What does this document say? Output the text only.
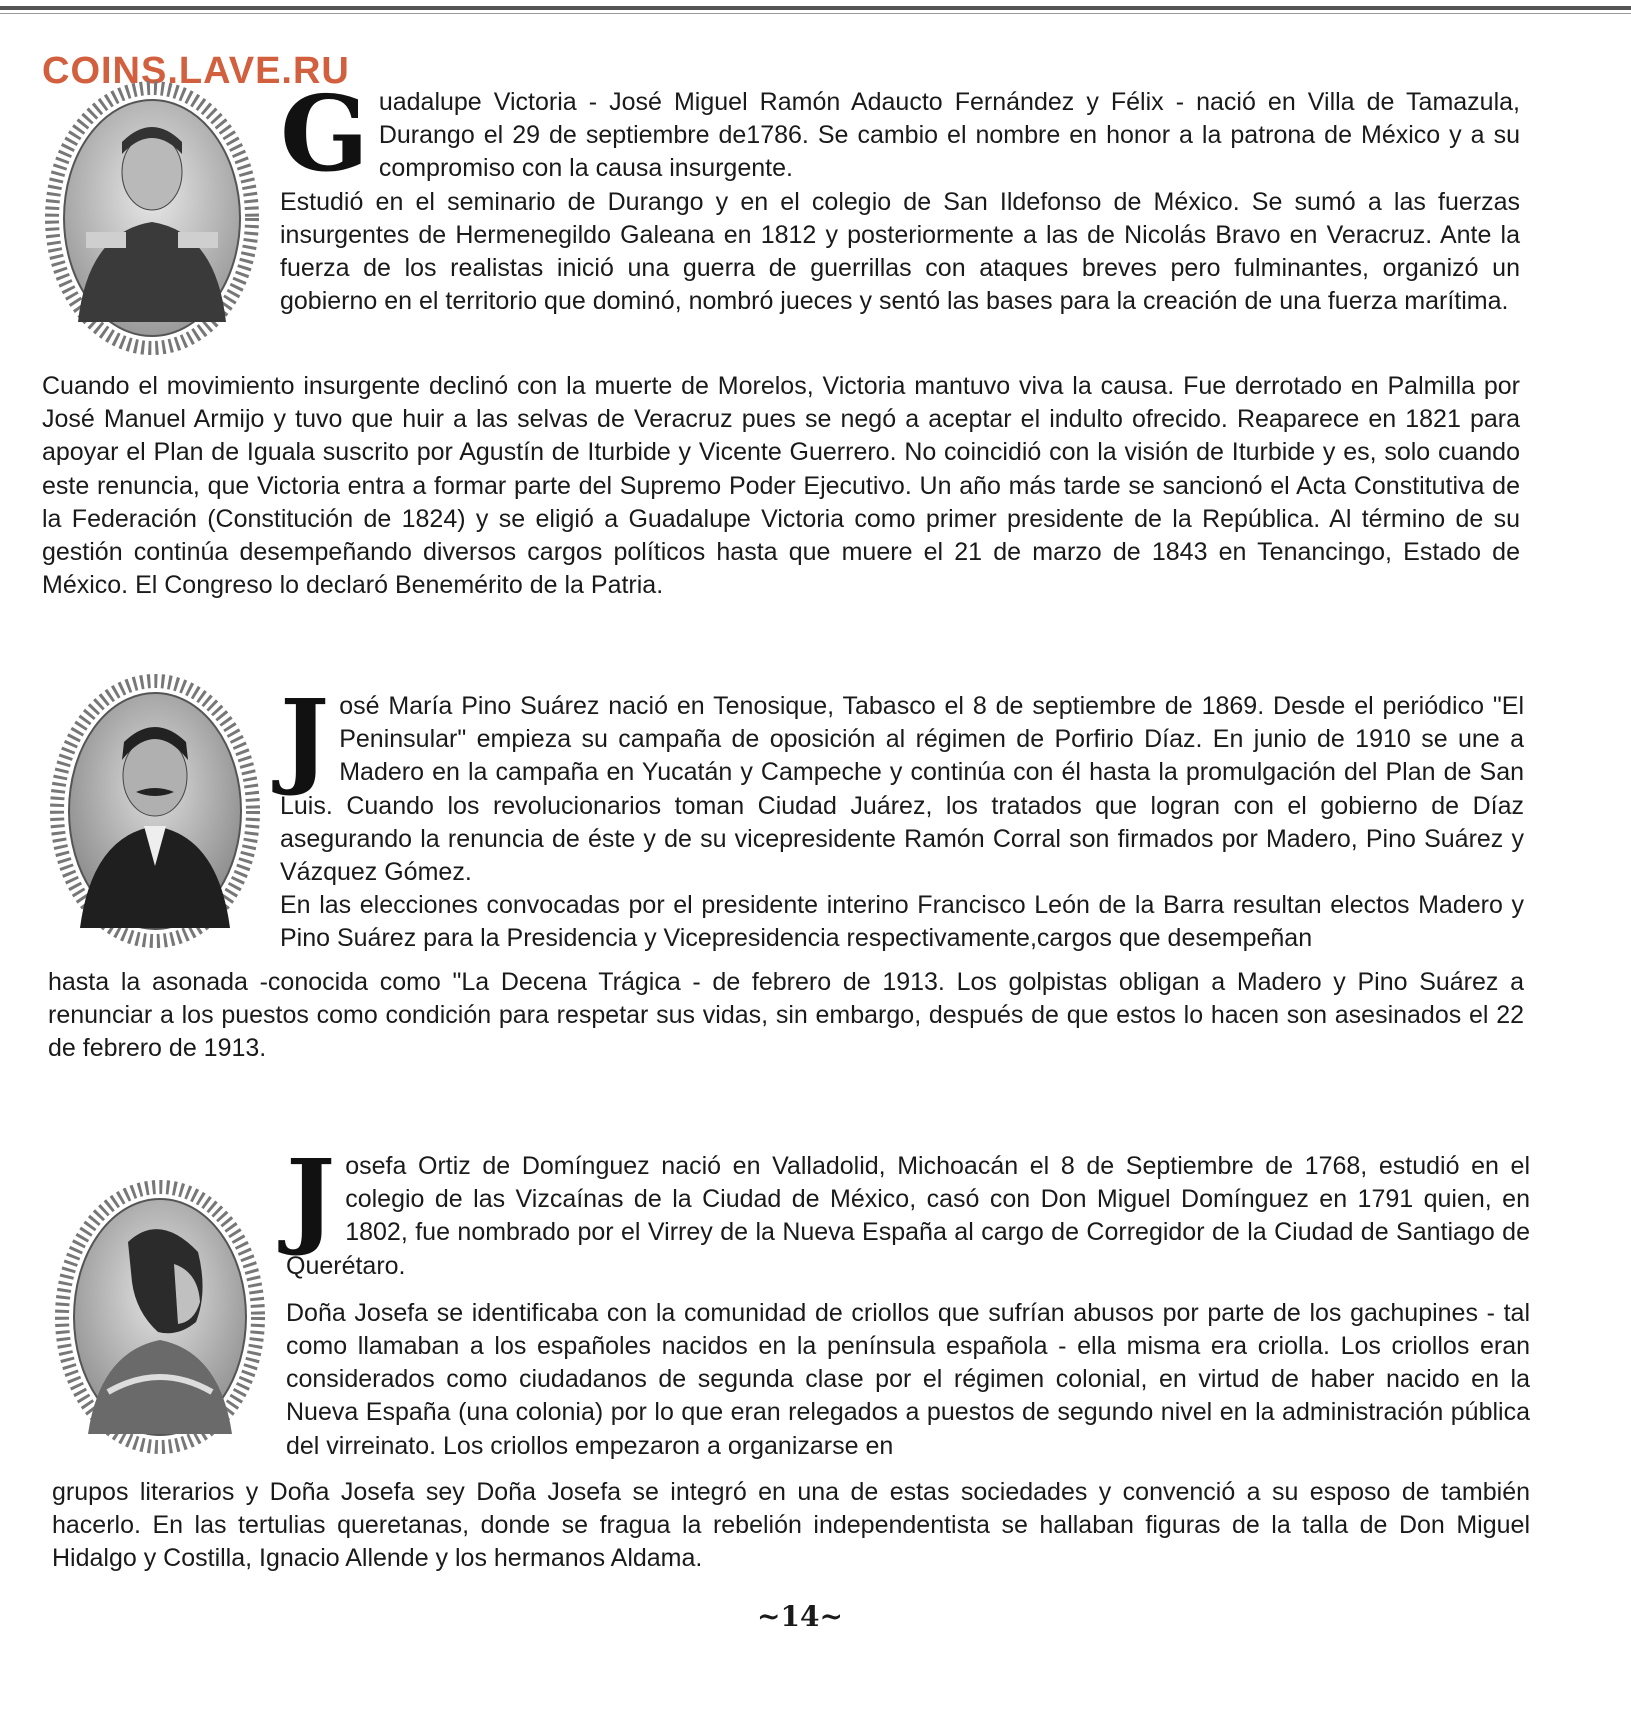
COINS.LAVE.RU
G uadalupe Victoria - José Miguel Ramón Adaucto Fernández y Félix - nació en Villa de Tamazula, Durango el 29 de septiembre de1786. Se cambio el nombre en honor a la patrona de México y a su compromiso con la causa insurgente.

Estudió en el seminario de Durango y en el colegio de San Ildefonso de México. Se sumó a las fuerzas insurgentes de Hermenegildo Galeana en 1812 y posteriormente a las de Nicolás Bravo en Veracruz. Ante la fuerza de los realistas inició una guerra de guerrillas con ataques breves pero fulminantes, organizó un gobierno en el territorio que dominó, nombró jueces y sentó las bases para la creación de una fuerza marítima.

Cuando el movimiento insurgente declinó con la muerte de Morelos, Victoria mantuvo viva la causa. Fue derrotado en Palmilla por José Manuel Armijo y tuvo que huir a las selvas de Veracruz pues se negó a aceptar el indulto ofrecido. Reaparece en 1821 para apoyar el Plan de Iguala suscrito por Agustín de Iturbide y Vicente Guerrero. No coincidió con la visión de Iturbide y es, solo cuando este renuncia, que Victoria entra a formar parte del Supremo Poder Ejecutivo. Un año más tarde se sancionó el Acta Constitutiva de la Federación (Constitución de 1824) y se eligió a Guadalupe Victoria como primer presidente de la República. Al término de su gestión continúa desempeñando diversos cargos políticos hasta que muere el 21 de marzo de 1843 en Tenancingo, Estado de México. El Congreso lo declaró Benemérito de la Patria.

J osé María Pino Suárez nació en Tenosique, Tabasco el 8 de septiembre de 1869. Desde el periódico "El Peninsular" empieza su campaña de oposición al régimen de Porfirio Díaz. En junio de 1910 se une a Madero en la campaña en Yucatán y Campeche y continúa con él hasta la promulgación del Plan de San Luis. Cuando los revolucionarios toman Ciudad Juárez, los tratados que logran con el gobierno de Díaz asegurando la renuncia de éste y de su vicepresidente Ramón Corral son firmados por Madero, Pino Suárez y Vázquez Gómez.

En las elecciones convocadas por el presidente interino Francisco León de la Barra resultan electos Madero y Pino Suárez para la Presidencia y Vicepresidencia respectivamente,cargos que desempeñan

hasta la asonada -conocida como "La Decena Trágica - de febrero de 1913. Los golpistas obligan a Madero y Pino Suárez a renunciar a los puestos como condición para respetar sus vidas, sin embargo, después de que estos lo hacen son asesinados el 22 de febrero de 1913.

J osefa Ortiz de Domínguez nació en Valladolid, Michoacán el 8 de Septiembre de 1768, estudió en el colegio de las Vizcaínas de la Ciudad de México, casó con Don Miguel Domínguez en 1791 quien, en 1802, fue nombrado por el Virrey de la Nueva España al cargo de Corregidor de la Ciudad de Santiago de Querétaro.

Doña Josefa se identificaba con la comunidad de criollos que sufrían abusos por parte de los gachupines - tal como llamaban a los españoles nacidos en la península española - ella misma era criolla. Los criollos eran considerados como ciudadanos de segunda clase por el régimen colonial, en virtud de haber nacido en la Nueva España (una colonia) por lo que eran relegados a puestos de segundo nivel en la administración pública del virreinato. Los criollos empezaron a organizarse en

grupos literarios y Doña Josefa sey Doña Josefa se integró en una de estas sociedades y convenció a su esposo de también hacerlo. En las tertulias queretanas, donde se fragua la rebelión independentista se hallaban figuras de la talla de Don Miguel Hidalgo y Costilla, Ignacio Allende y los hermanos Aldama.

~14~
